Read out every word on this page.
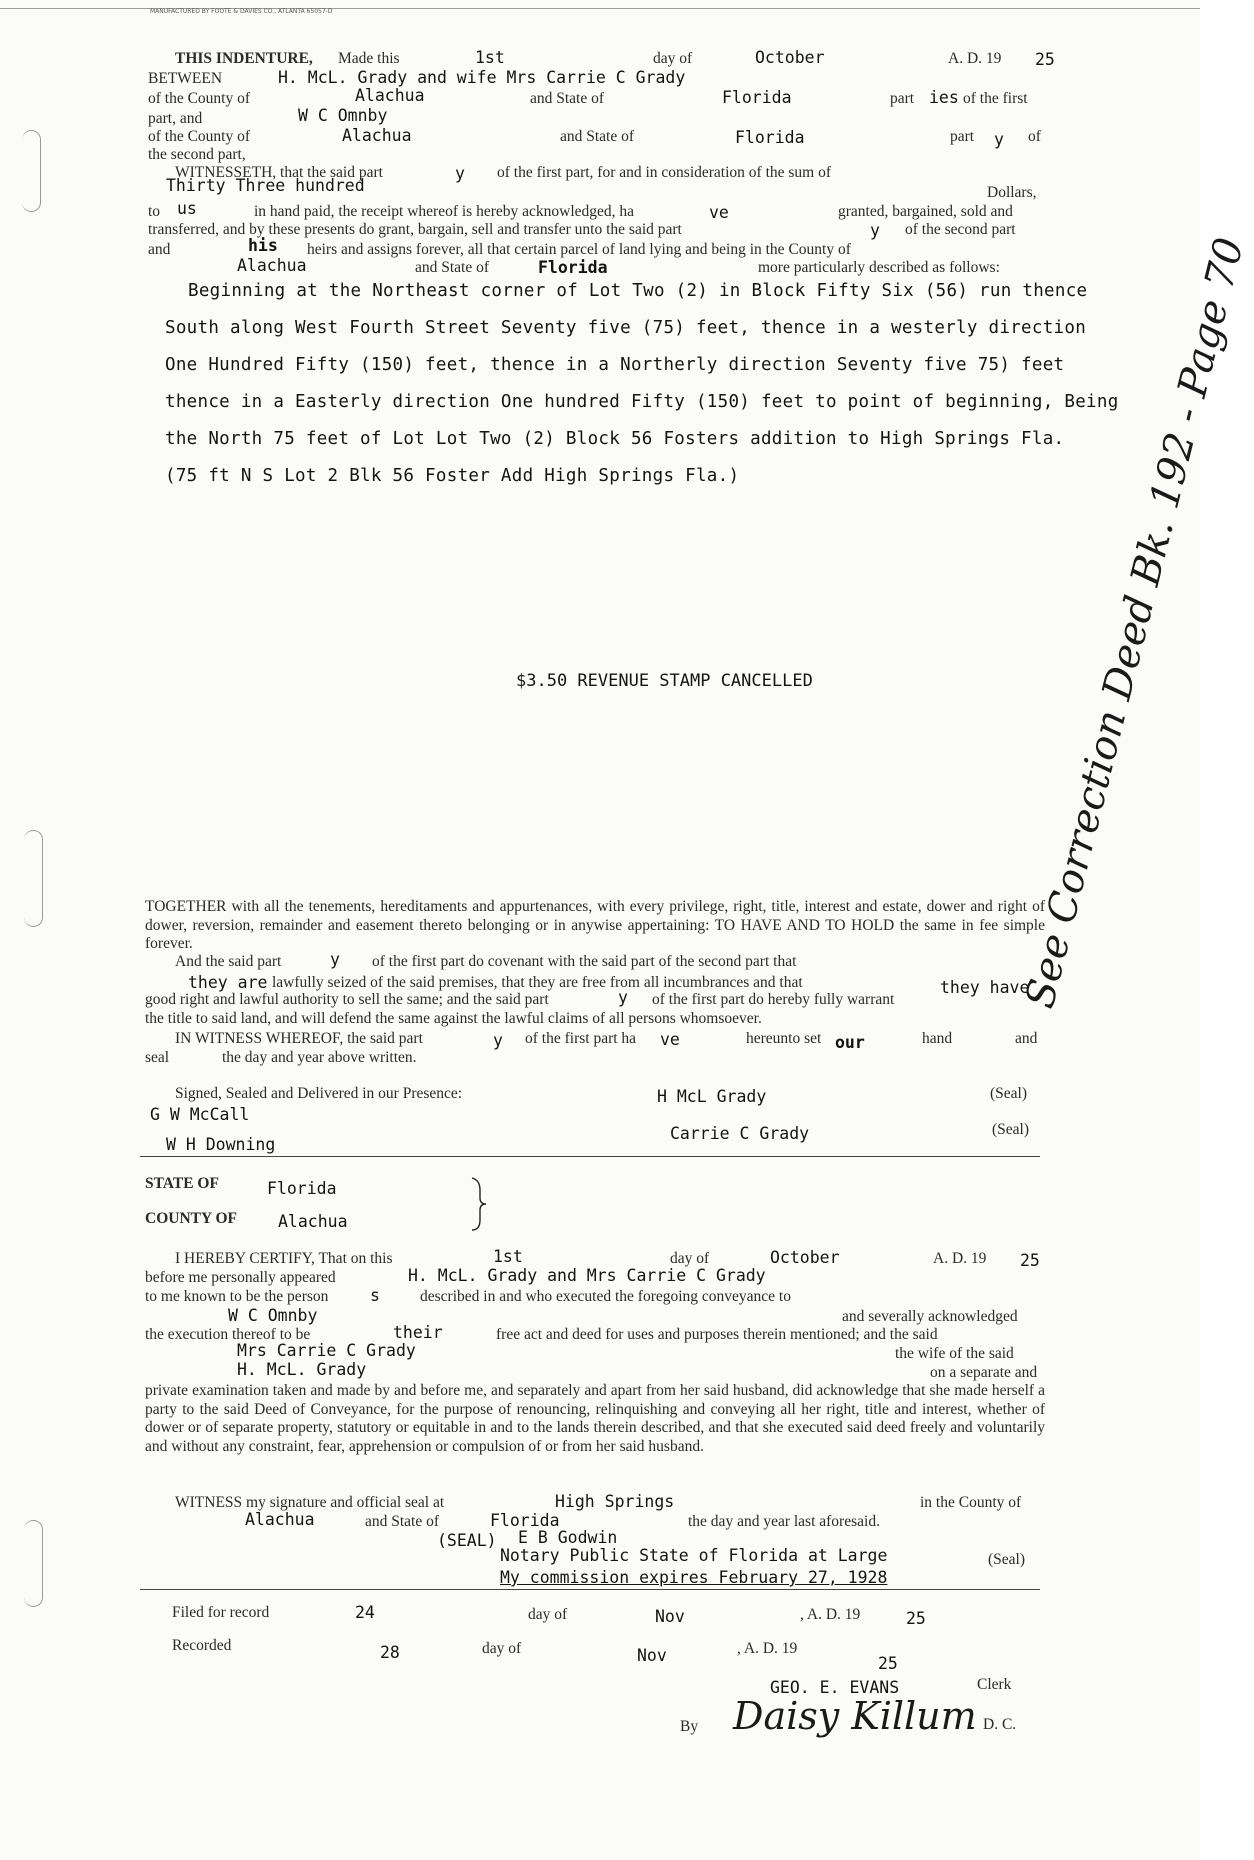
MANUFACTURED BY FOOTE & DAVIES CO., ATLANTA 65057-D
THIS INDENTURE, Made this	1st	day of	October	A. D. 19 25
BETWEEN	H. McL. Grady and wife Mrs Carrie C Grady
of the County of	Alachua	and State of	Florida	part ies of the first
part, and	W C Omnby
of the County of	Alachua	and State of	Florida	part y of
the second part,
WITNESSETH, that the said part	y of the first part, for and in consideration of the sum of
Thirty Three hundred	Dollars,
to us	in hand paid, the receipt whereof is hereby acknowledged, ha	ve	granted, bargained, sold and
transferred, and by these presents do grant, bargain, sell and transfer unto the said part	y of the second part
and	his heirs and assigns forever, all that certain parcel of land lying and being in the County of
Alachua	and State of	Florida	more particularly described as follows:
Beginning at the Northeast corner of Lot Two (2) in Block Fifty Six (56) run thence
South along West Fourth Street Seventy five (75) feet, thence in a westerly direction
One Hundred Fifty (150) feet, thence in a Northerly direction Seventy five 75) feet
thence in a Easterly direction One hundred Fifty (150) feet to point of beginning, Being
the North 75 feet of Lot Lot Two (2) Block 56 Fosters addition to High Springs Fla.
(75 ft N S Lot 2 Blk 56 Foster Add High Springs Fla.)
$3.50 REVENUE STAMP CANCELLED
TOGETHER with all the tenements, hereditaments and appurtenances, with every privilege, right, title, interest and estate, dower and right of dower, reversion, remainder and easement thereto belonging or in anywise appertaining: TO HAVE AND TO HOLD the same in fee simple forever.
And the said part	y of the first part do covenant with the said part of the second part that
they are lawfully seized of the said premises, that they are free from all incumbrances and that	they have
good right and lawful authority to sell the same; and the said part	y of the first part do hereby fully warrant
the title to said land, and will defend the same against the lawful claims of all persons whomsoever.
IN WITNESS WHEREOF, the said part	y of the first part ha ve	hereunto set our	hand	and
seal	the day and year above written.
Signed, Sealed and Delivered in our Presence:
G W McCall
W H Downing
H McL Grady	(Seal)
Carrie C Grady	(Seal)
STATE OF	Florida
COUNTY OF Alachua
I HEREBY CERTIFY, That on this	1st	day of	October	A. D. 19 25
before me personally appeared	H. McL. Grady and Mrs Carrie C Grady
to me known to be the person	s	described in and who executed the foregoing conveyance to
W C Omnby	and severally acknowledged
the execution thereof to be	their	free act and deed for uses and purposes therein mentioned; and the said
Mrs Carrie C Grady	the wife of the said
H. McL. Grady	on a separate and
private examination taken and made by and before me, and separately and apart from her said husband, did acknowledge that she made herself a party to the said Deed of Conveyance, for the purpose of renouncing, relinquishing and conveying all her right, title and interest, whether of dower or of separate property, statutory or equitable in and to the lands therein described, and that she executed said deed freely and voluntarily and without any constraint, fear, apprehension or compulsion of or from her said husband.
WITNESS my signature and official seal at	High Springs	in the County of
Alachua	and State of	Florida	the day and year last aforesaid.
(SEAL) E B Godwin
Notary Public State of Florida at Large	(Seal)
My commission expires February 27, 1928
Filed for record	24	day of	Nov	, A. D. 19	25
Recorded	28	day of	Nov	, A. D. 19
25
GEO. E. EVANS	Clerk
By Daisy Killum D. C.
See Correction Deed Bk. 192 - Page 70
